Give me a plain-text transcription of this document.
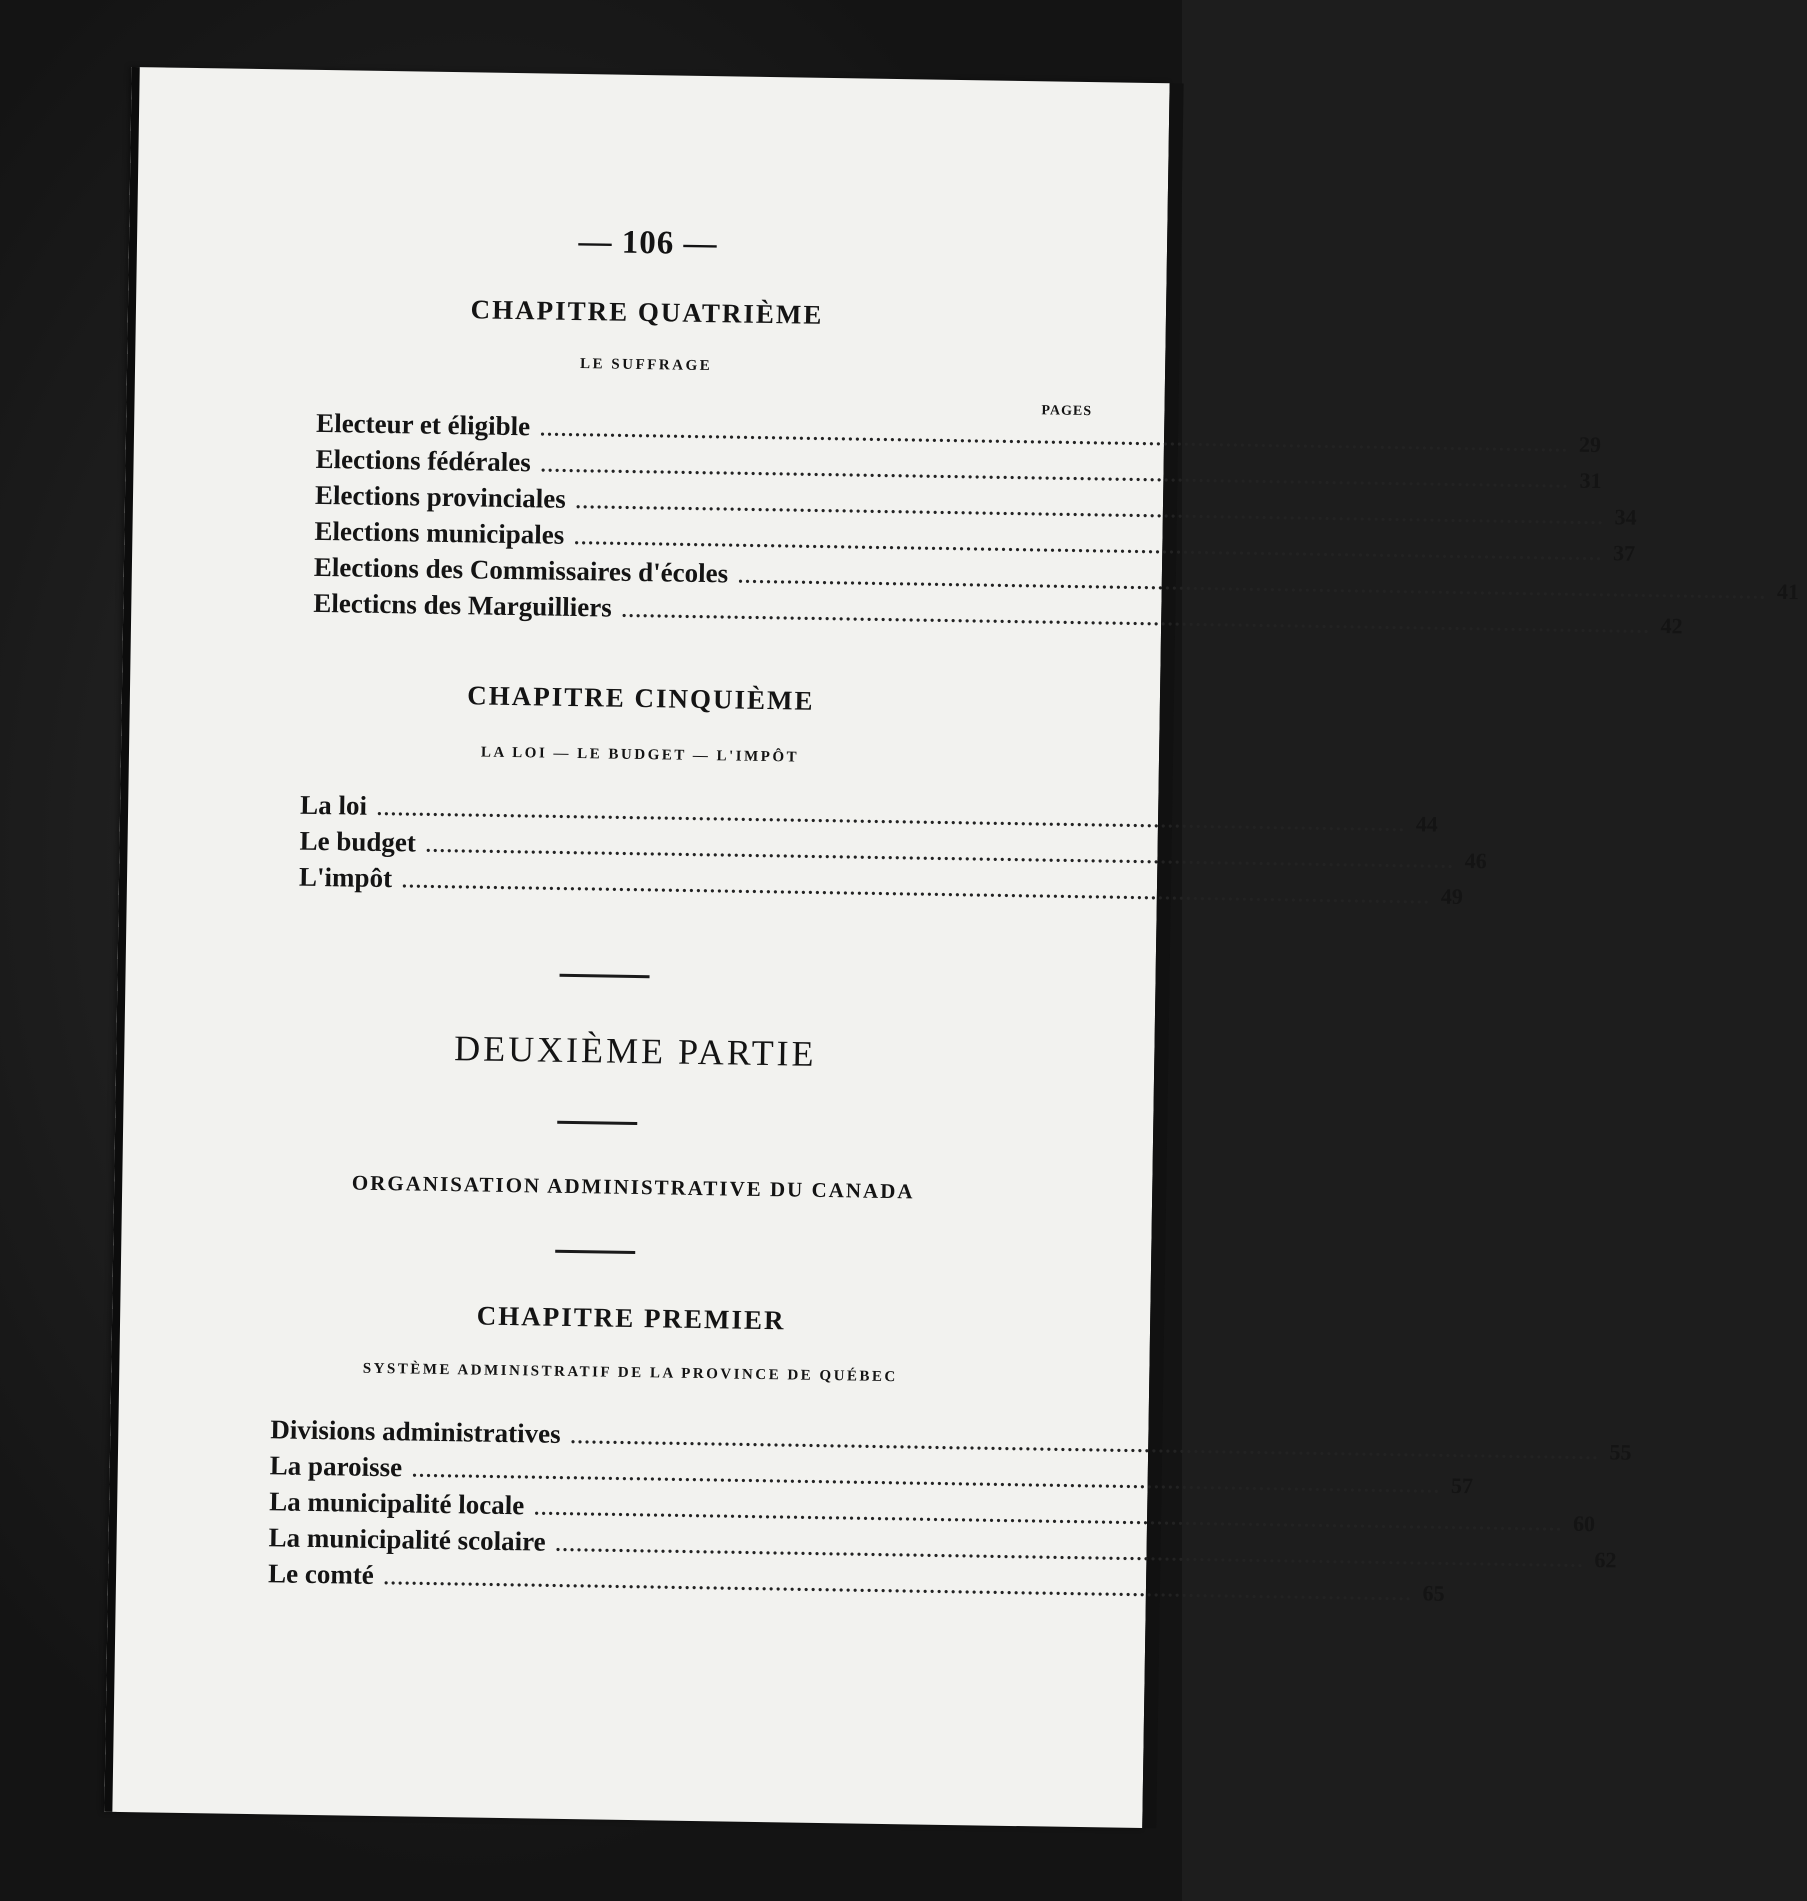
— 106 —
CHAPITRE QUATRIÈME
LE SUFFRAGE
PAGES
Electeur et éligible ................................................................................................................................................... 29
Elections fédérales ................................................................................................................................................... 31
Elections provinciales ................................................................................................................................................... 34
Elections municipales ................................................................................................................................................... 37
Elections des Commissaires d'écoles ................................................................................................................................................... 41
Electicns des Marguilliers ................................................................................................................................................... 42
CHAPITRE CINQUIÈME
LA LOI — LE BUDGET — L'IMPÔT
La loi ................................................................................................................................................... 44
Le budget ................................................................................................................................................... 46
L'impôt ................................................................................................................................................... 49
DEUXIÈME PARTIE
ORGANISATION ADMINISTRATIVE DU CANADA
CHAPITRE PREMIER
SYSTÈME ADMINISTRATIF DE LA PROVINCE DE QUÉBEC
Divisions administratives ................................................................................................................................................... 55
La paroisse ................................................................................................................................................... 57
La municipalité locale ................................................................................................................................................... 60
La municipalité scolaire ................................................................................................................................................... 62
Le comté ................................................................................................................................................... 65
